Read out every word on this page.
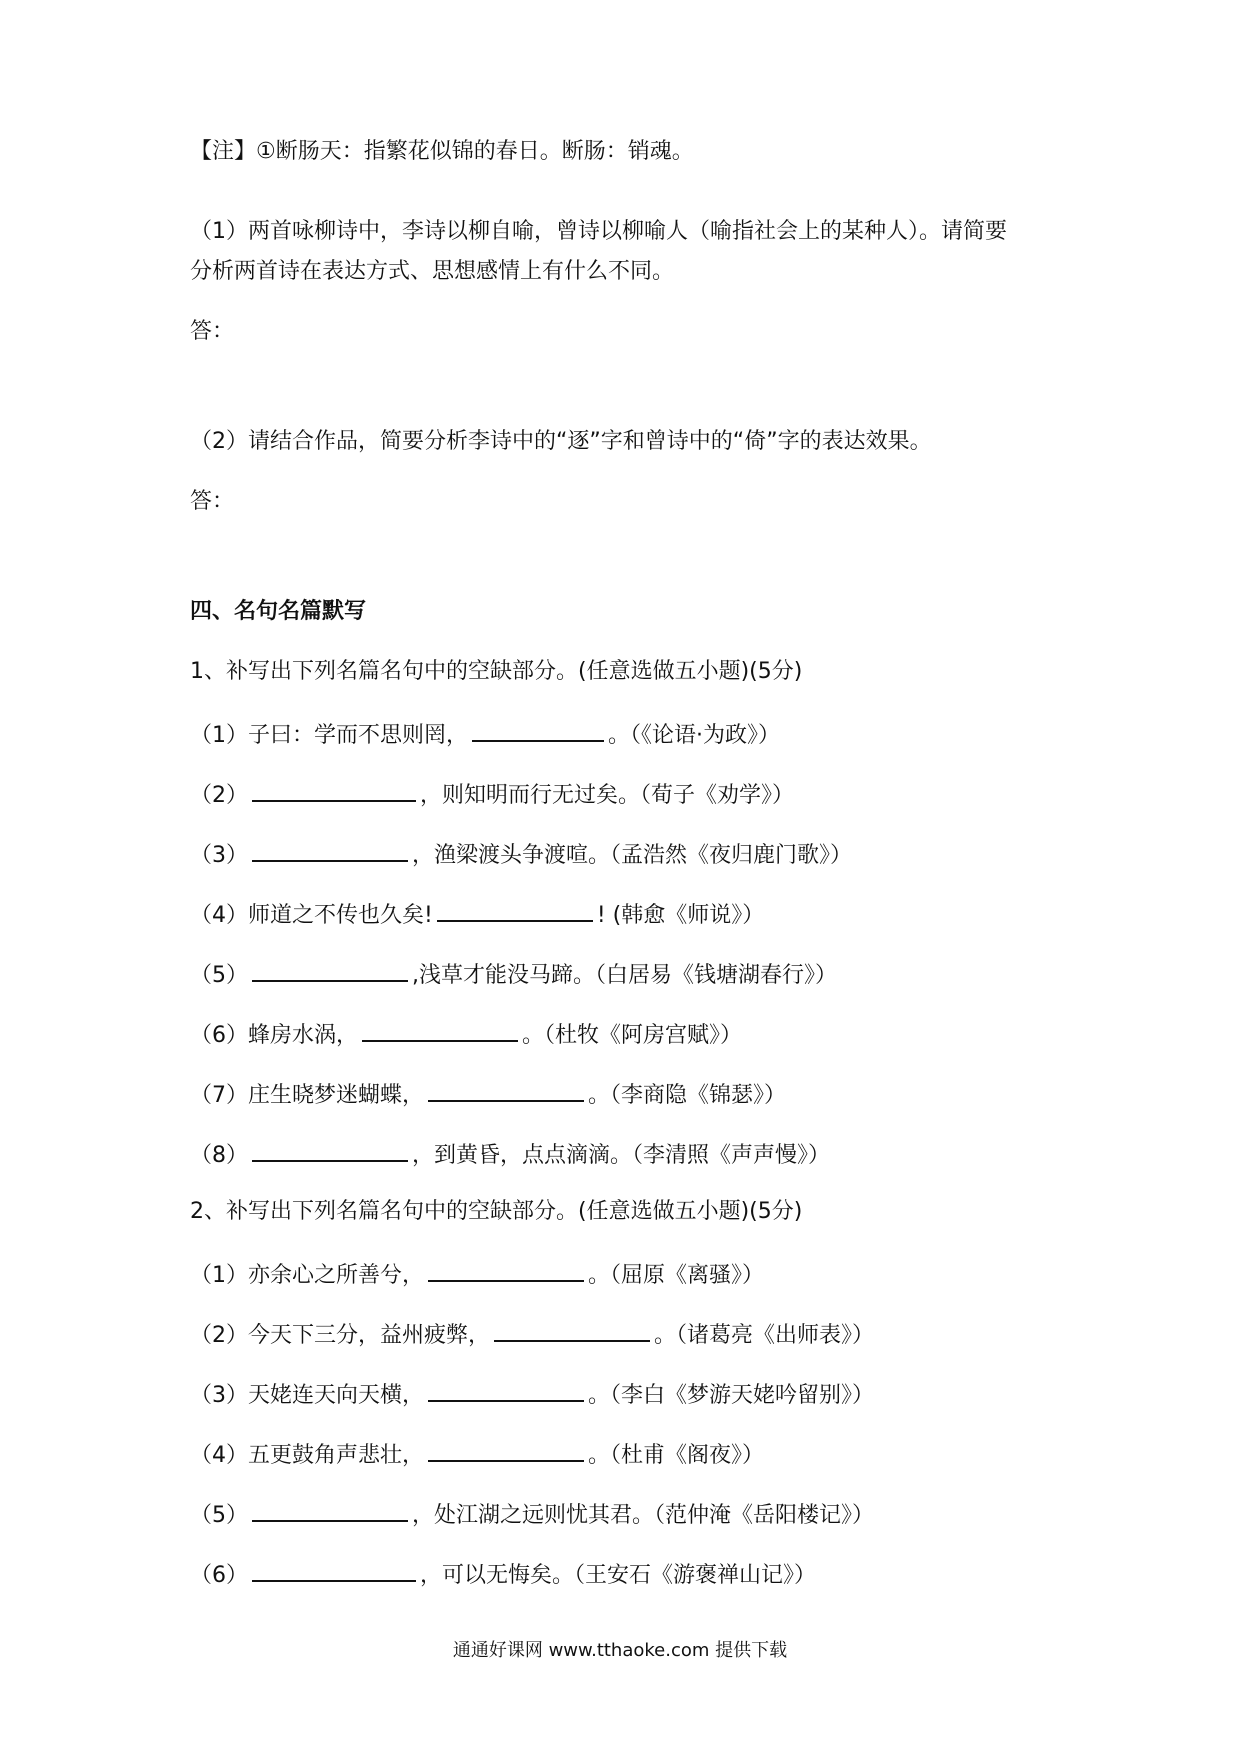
【注】①断肠天：指繁花似锦的春日。断肠：销魂。
（1）两首咏柳诗中，李诗以柳自喻，曾诗以柳喻人（喻指社会上的某种人）。请简要
分析两首诗在表达方式、思想感情上有什么不同。
答：
（2）请结合作品，简要分析李诗中的“逐”字和曾诗中的“倚”字的表达效果。
答：
四、名句名篇默写
1、补写出下列名篇名句中的空缺部分。(任意选做五小题)(5分)
（1）子曰：学而不思则罔，	。（《论语·为政》）
（2）	，则知明而行无过矣。（荀子《劝学》）
（3）	，渔梁渡头争渡喧。（孟浩然《夜归鹿门歌》）
（4）师道之不传也久矣!	! (韩愈《师说》）
（5）	,浅草才能没马蹄。（白居易《钱塘湖春行》）
（6）蜂房水涡，	。（杜牧《阿房宫赋》）
（7）庄生晓梦迷蝴蝶，	。（李商隐《锦瑟》）
（8）	，到黄昏，点点滴滴。（李清照《声声慢》）
2、补写出下列名篇名句中的空缺部分。(任意选做五小题)(5分)
（1）亦余心之所善兮，	。（屈原《离骚》）
（2）今天下三分，益州疲弊，	。（诸葛亮《出师表》）
（3）天姥连天向天横，	。（李白《梦游天姥吟留别》）
（4）五更鼓角声悲壮，	。（杜甫《阁夜》）
（5）	，处江湖之远则忧其君。（范仲淹《岳阳楼记》）
（6）	，可以无悔矣。（王安石《游褒禅山记》）
通通好课网 www.tthaoke.com 提供下载
